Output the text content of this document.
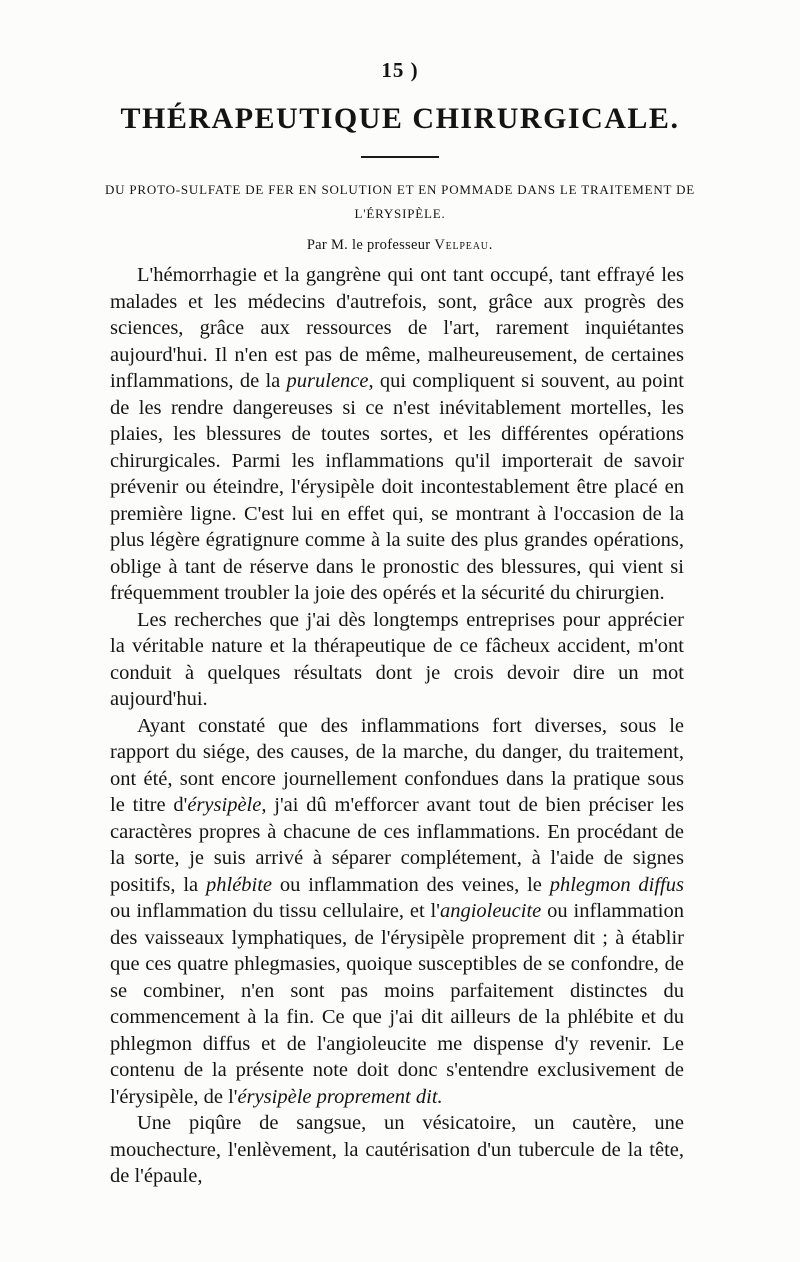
15 )
THÉRAPEUTIQUE CHIRURGICALE.
DU PROTO-SULFATE DE FER EN SOLUTION ET EN POMMADE DANS LE TRAITEMENT DE L'ÉRYSIPÈLE.
Par M. le professeur Velpeau.

L'hémorrhagie et la gangrène qui ont tant occupé, tant effrayé les malades et les médecins d'autrefois, sont, grâce aux progrès des sciences, grâce aux ressources de l'art, rarement inquiétantes aujourd'hui. Il n'en est pas de même, malheureusement, de certaines inflammations, de la purulence, qui compliquent si souvent, au point de les rendre dangereuses si ce n'est inévitablement mortelles, les plaies, les blessures de toutes sortes, et les différentes opérations chirurgicales. Parmi les inflammations qu'il importerait de savoir prévenir ou éteindre, l'érysipèle doit incontestablement être placé en première ligne. C'est lui en effet qui, se montrant à l'occasion de la plus légère égratignure comme à la suite des plus grandes opérations, oblige à tant de réserve dans le pronostic des blessures, qui vient si fréquemment troubler la joie des opérés et la sécurité du chirurgien.

Les recherches que j'ai dès longtemps entreprises pour apprécier la véritable nature et la thérapeutique de ce fâcheux accident, m'ont conduit à quelques résultats dont je crois devoir dire un mot aujourd'hui.

Ayant constaté que des inflammations fort diverses, sous le rapport du siége, des causes, de la marche, du danger, du traitement, ont été, sont encore journellement confondues dans la pratique sous le titre d'érysipèle, j'ai dû m'efforcer avant tout de bien préciser les caractères propres à chacune de ces inflammations. En procédant de la sorte, je suis arrivé à séparer complétement, à l'aide de signes positifs, la phlébite ou inflammation des veines, le phlegmon diffus ou inflammation du tissu cellulaire, et l'angioleucite ou inflammation des vaisseaux lymphatiques, de l'érysipèle proprement dit ; à établir que ces quatre phlegmasies, quoique susceptibles de se confondre, de se combiner, n'en sont pas moins parfaitement distinctes du commencement à la fin. Ce que j'ai dit ailleurs de la phlébite et du phlegmon diffus et de l'angioleucite me dispense d'y revenir. Le contenu de la présente note doit donc s'entendre exclusivement de l'érysipèle, de l'érysipèle proprement dit.

Une piqûre de sangsue, un vésicatoire, un cautère, une mouchecture, l'enlèvement, la cautérisation d'un tubercule de la tête, de l'épaule,
